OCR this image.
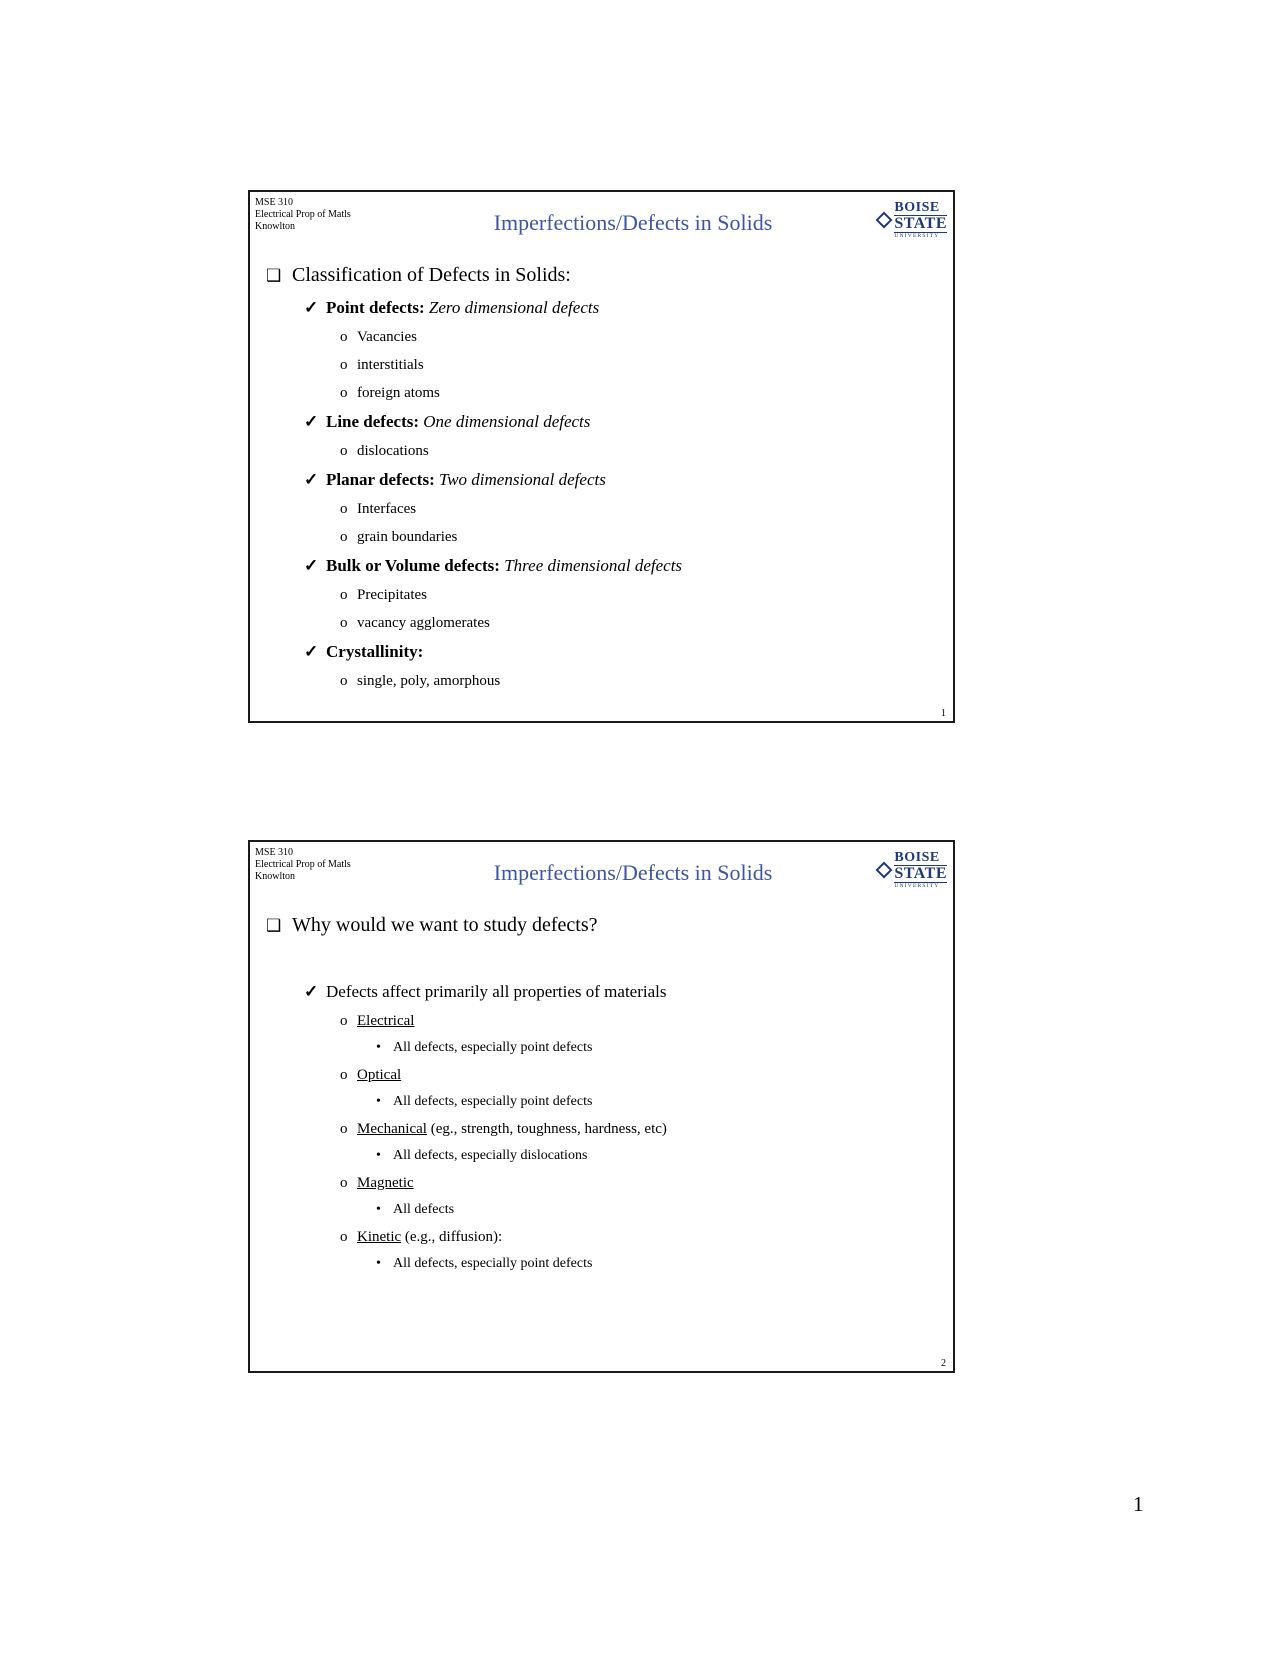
MSE 310
Electrical Prop of Matls
Knowlton	Imperfections/Defects in Solids
BOISE
STATE
UNIVERSITY
❑ Classification of Defects in Solids:
✓ Point defects: Zero dimensional defects
o Vacancies
o interstitials
o foreign atoms
✓ Line defects: One dimensional defects
o dislocations
✓ Planar defects: Two dimensional defects
o Interfaces
o grain boundaries
✓ Bulk or Volume defects: Three dimensional defects
o Precipitates
o vacancy agglomerates
✓ Crystallinity:
o single, poly, amorphous
1
MSE 310
Electrical Prop of Matls
Knowlton	Imperfections/Defects in Solids
BOISE
STATE
UNIVERSITY
❑ Why would we want to study defects?
✓ Defects affect primarily all properties of materials
o Electrical
• All defects, especially point defects
o Optical
• All defects, especially point defects
o Mechanical (eg., strength, toughness, hardness, etc)
• All defects, especially dislocations
o Magnetic
• All defects
o Kinetic (e.g., diffusion):
• All defects, especially point defects
2
1
